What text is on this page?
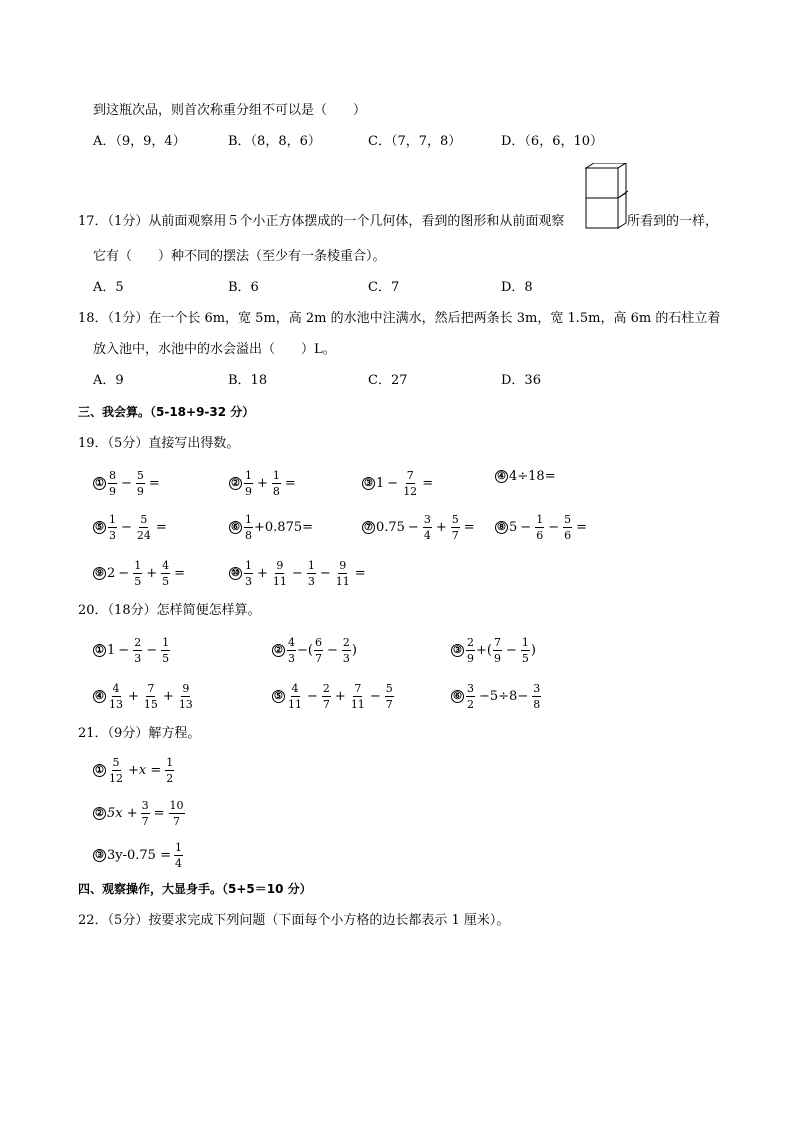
到这瓶次品，则首次称重分组不可以是（　　）
A．（9，9，4）	B．（8，8，6）	C．（7，7，8）	D．（6，6，10）
17．（1分）从前面观察用５个小正方体摆成的一个几何体，看到的图形和从前面观察	所看到的一样，
它有（　　）种不同的摆法（至少有一条棱重合）。
A．5	B．6	C．7	D．8
18．（1分）在一个长 6m，宽 5m，高 2m 的水池中注满水，然后把两条长 3m，宽 1.5m，高 6m 的石柱立着
放入池中，水池中的水会溢出（　　）L。
A．9	B．18	C．27	D．36
三、我会算。（5-18+9-32 分）
19．（5分）直接写出得数。
① $\frac{8}{9} - \frac{5}{9}$ =	② $\frac{1}{9} + \frac{1}{8}$ =	③ $1 - \frac{7}{12}$ =	④ 4÷18=
⑤ $\frac{1}{3} - \frac{5}{24}$ =	⑥ $\frac{1}{8} +0.875=$	⑦ $0.75 - \frac{3}{4} + \frac{5}{7}$ = ⑧ $5 - \frac{1}{6} - \frac{5}{6}$ =
⑨ $2 - \frac{1}{5} + \frac{4}{5}$ =	⑩ $\frac{1}{3} + \frac{9}{11} - \frac{1}{3} - \frac{9}{11}$ =
20．（18分）怎样简便怎样算。
① $1 - \frac{2}{3} - \frac{1}{5}$	② $\frac{4}{3}$ −( $\frac{6}{7} - \frac{2}{3}$ )	③ $\frac{2}{9}$ +( $\frac{7}{9} - \frac{1}{5}$ )
④ $\frac{4}{13} + \frac{7}{15} + \frac{9}{13}$	⑤ $\frac{4}{11} - \frac{2}{7} + \frac{7}{11} - \frac{5}{7}$	⑥ $\frac{3}{2} -5\div 8- \frac{3}{8}$
21．（9分）解方程。
① $\frac{5}{12} +x = \frac{1}{2}$
② $5x + \frac{3}{7} = \frac{10}{7}$
③ $3y-0.75 = \frac{1}{4}$
四、观察操作，大显身手。（5+5＝10 分）
22．（5分）按要求完成下列问题（下面每个小方格的边长都表示 1 厘米）。
